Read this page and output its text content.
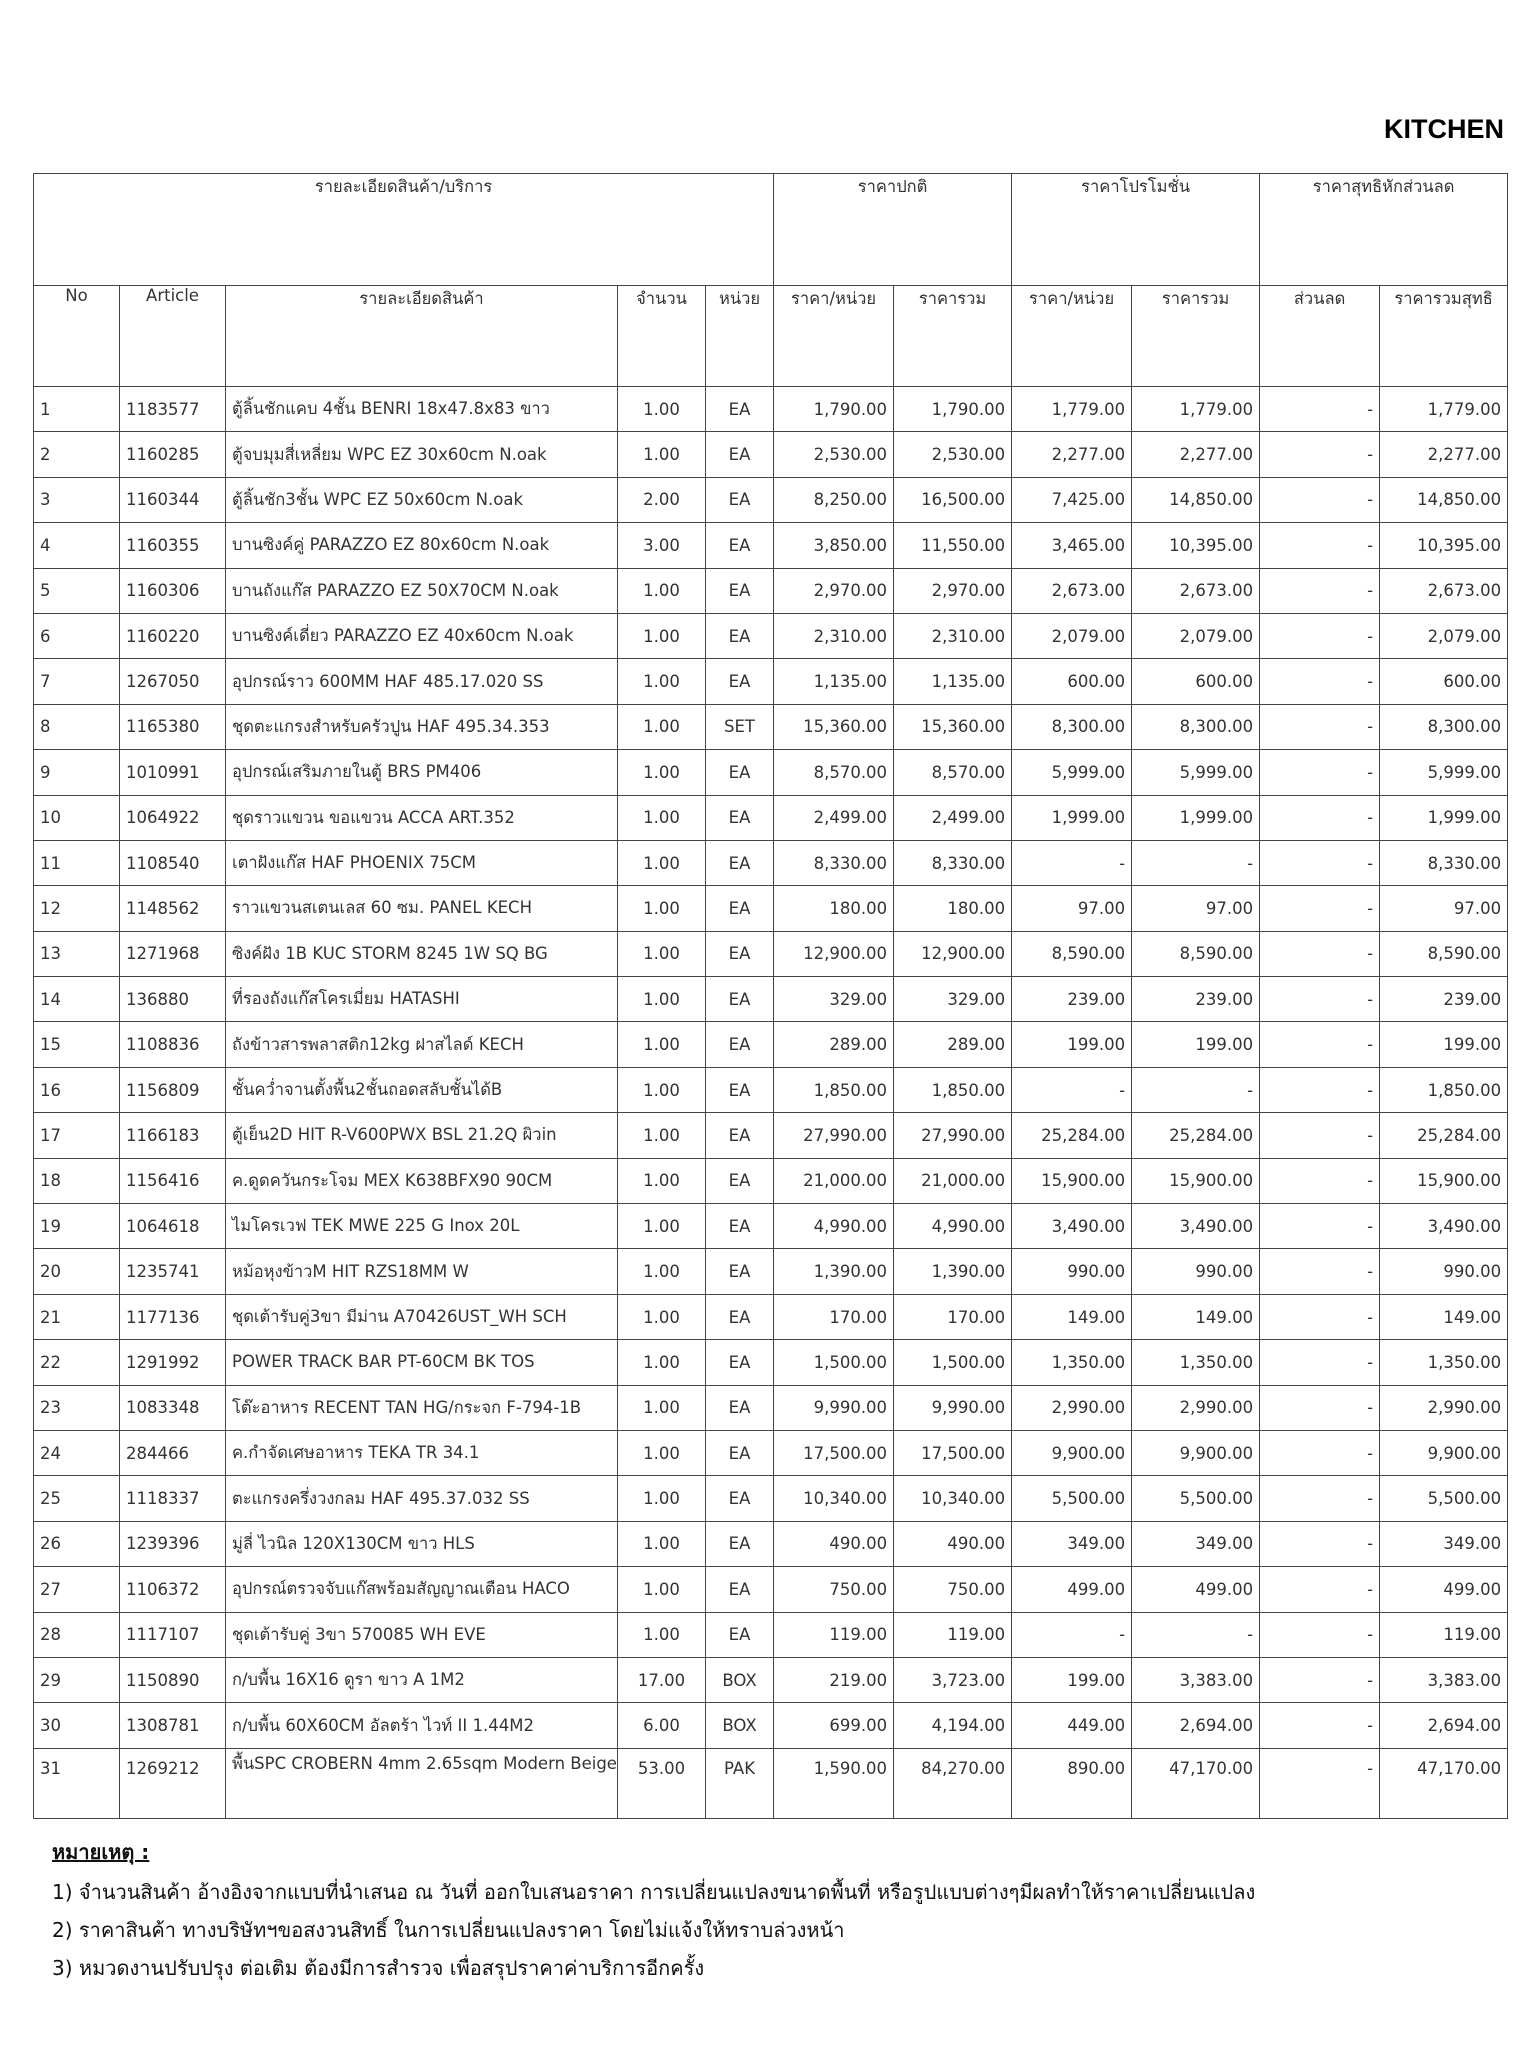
KITCHEN
รายละเอียดสินค้า/บริการ					ราคาปกติ		ราคาโปรโมชั่น		ราคาสุทธิหักส่วนลด	
No	Article	รายละเอียดสินค้า	จำนวน	หน่วย	ราคา/หน่วย	ราคารวม	ราคา/หน่วย	ราคารวม	ส่วนลด	ราคารวมสุทธิ
1	1183577	ตู้ลิ้นชักแคบ 4ชั้น BENRI 18x47.8x83 ขาว	1.00	EA	1,790.00	1,790.00	1,779.00	1,779.00	-	1,779.00
2	1160285	ตู้จบมุมสี่เหลี่ยม WPC EZ 30x60cm N.oak	1.00	EA	2,530.00	2,530.00	2,277.00	2,277.00	-	2,277.00
3	1160344	ตู้ลิ้นชัก3ชั้น WPC EZ 50x60cm N.oak	2.00	EA	8,250.00	16,500.00	7,425.00	14,850.00	-	14,850.00
4	1160355	บานซิงค์คู่ PARAZZO EZ 80x60cm N.oak	3.00	EA	3,850.00	11,550.00	3,465.00	10,395.00	-	10,395.00
5	1160306	บานถังแก๊ส PARAZZO EZ 50X70CM N.oak	1.00	EA	2,970.00	2,970.00	2,673.00	2,673.00	-	2,673.00
6	1160220	บานซิงค์เดี่ยว PARAZZO EZ 40x60cm N.oak	1.00	EA	2,310.00	2,310.00	2,079.00	2,079.00	-	2,079.00
7	1267050	อุปกรณ์ราว 600MM HAF 485.17.020 SS	1.00	EA	1,135.00	1,135.00	600.00	600.00	-	600.00
8	1165380	ชุดตะแกรงสำหรับครัวปูน HAF 495.34.353	1.00	SET	15,360.00	15,360.00	8,300.00	8,300.00	-	8,300.00
9	1010991	อุปกรณ์เสริมภายในตู้ BRS PM406	1.00	EA	8,570.00	8,570.00	5,999.00	5,999.00	-	5,999.00
10	1064922	ชุดราวแขวน ขอแขวน ACCA ART.352	1.00	EA	2,499.00	2,499.00	1,999.00	1,999.00	-	1,999.00
11	1108540	เตาฝังแก๊ส HAF PHOENIX 75CM	1.00	EA	8,330.00	8,330.00	-	-	-	8,330.00
12	1148562	ราวแขวนสเตนเลส 60 ซม. PANEL KECH	1.00	EA	180.00	180.00	97.00	97.00	-	97.00
13	1271968	ซิงค์ฝัง 1B KUC STORM 8245 1W SQ BG	1.00	EA	12,900.00	12,900.00	8,590.00	8,590.00	-	8,590.00
14	136880	ที่รองถังแก๊สโครเมี่ยม HATASHI	1.00	EA	329.00	329.00	239.00	239.00	-	239.00
15	1108836	ถังข้าวสารพลาสติก12kg ฝาสไลด์ KECH	1.00	EA	289.00	289.00	199.00	199.00	-	199.00
16	1156809	ชั้นคว่ำจานตั้งพื้น2ชั้นถอดสลับชั้นได้B	1.00	EA	1,850.00	1,850.00	-	-	-	1,850.00
17	1166183	ตู้เย็น2D HIT R-V600PWX BSL 21.2Q ผิวin	1.00	EA	27,990.00	27,990.00	25,284.00	25,284.00	-	25,284.00
18	1156416	ค.ดูดควันกระโจม MEX K638BFX90 90CM	1.00	EA	21,000.00	21,000.00	15,900.00	15,900.00	-	15,900.00
19	1064618	ไมโครเวฟ TEK MWE 225 G Inox 20L	1.00	EA	4,990.00	4,990.00	3,490.00	3,490.00	-	3,490.00
20	1235741	หม้อหุงข้าวM HIT RZS18MM W	1.00	EA	1,390.00	1,390.00	990.00	990.00	-	990.00
21	1177136	ชุดเต้ารับคู่3ขา มีม่าน A70426UST_WH SCH	1.00	EA	170.00	170.00	149.00	149.00	-	149.00
22	1291992	POWER TRACK BAR PT-60CM BK TOS	1.00	EA	1,500.00	1,500.00	1,350.00	1,350.00	-	1,350.00
23	1083348	โต๊ะอาหาร RECENT TAN HG/กระจก F-794-1B	1.00	EA	9,990.00	9,990.00	2,990.00	2,990.00	-	2,990.00
24	284466	ค.กำจัดเศษอาหาร TEKA TR 34.1	1.00	EA	17,500.00	17,500.00	9,900.00	9,900.00	-	9,900.00
25	1118337	ตะแกรงครึ่งวงกลม HAF 495.37.032 SS	1.00	EA	10,340.00	10,340.00	5,500.00	5,500.00	-	5,500.00
26	1239396	มู่ลี่ ไวนิล 120X130CM ขาว HLS	1.00	EA	490.00	490.00	349.00	349.00	-	349.00
27	1106372	อุปกรณ์ตรวจจับแก๊สพร้อมสัญญาณเตือน HACO	1.00	EA	750.00	750.00	499.00	499.00	-	499.00
28	1117107	ชุดเต้ารับคู่ 3ขา 570085 WH EVE	1.00	EA	119.00	119.00	-	-	-	119.00
29	1150890	ก/บพื้น 16X16 ดูรา ขาว A 1M2	17.00	BOX	219.00	3,723.00	199.00	3,383.00	-	3,383.00
30	1308781	ก/บพื้น 60X60CM อัลตร้า ไวท์ II 1.44M2	6.00	BOX	699.00	4,194.00	449.00	2,694.00	-	2,694.00
31	1269212	พื้นSPC CROBERN 4mm 2.65sqm Modern Beige	53.00	PAK	1,590.00	84,270.00	890.00	47,170.00	-	47,170.00
หมายเหตุ :
1) จำนวนสินค้า อ้างอิงจากแบบที่นำเสนอ ณ วันที่ ออกใบเสนอราคา การเปลี่ยนแปลงขนาดพื้นที่ หรือรูปแบบต่างๆมีผลทำให้ราคาเปลี่ยนแปลง
2) ราคาสินค้า ทางบริษัทฯขอสงวนสิทธิ์ ในการเปลี่ยนแปลงราคา โดยไม่แจ้งให้ทราบล่วงหน้า
3) หมวดงานปรับปรุง ต่อเติม ต้องมีการสำรวจ เพื่อสรุปราคาค่าบริการอีกครั้ง
